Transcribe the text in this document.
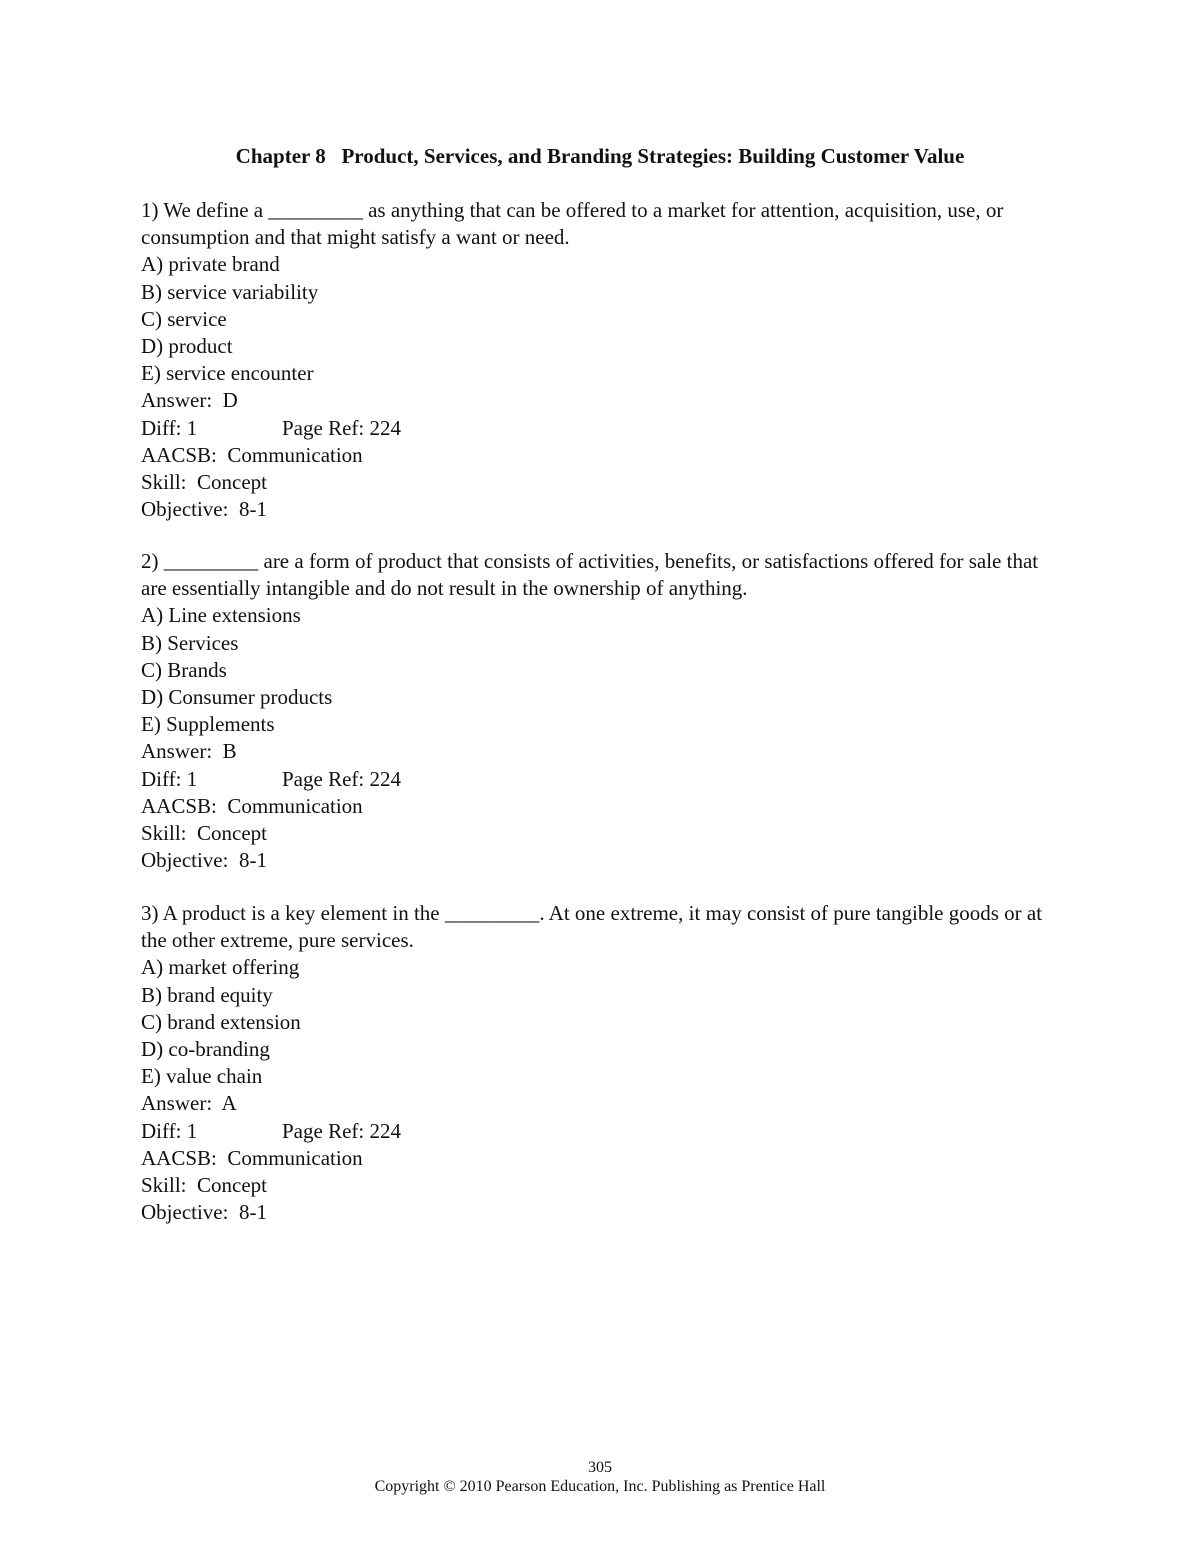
Chapter 8   Product, Services, and Branding Strategies: Building Customer Value
1) We define a _________ as anything that can be offered to a market for attention, acquisition, use, or consumption and that might satisfy a want or need.
A) private brand
B) service variability
C) service
D) product
E) service encounter
Answer:  D
Diff: 1	Page Ref: 224
AACSB:  Communication
Skill:  Concept
Objective:  8-1
2) _________ are a form of product that consists of activities, benefits, or satisfactions offered for sale that are essentially intangible and do not result in the ownership of anything.
A) Line extensions
B) Services
C) Brands
D) Consumer products
E) Supplements
Answer:  B
Diff: 1	Page Ref: 224
AACSB:  Communication
Skill:  Concept
Objective:  8-1
3) A product is a key element in the _________. At one extreme, it may consist of pure tangible goods or at the other extreme, pure services.
A) market offering
B) brand equity
C) brand extension
D) co-branding
E) value chain
Answer:  A
Diff: 1	Page Ref: 224
AACSB:  Communication
Skill:  Concept
Objective:  8-1
305
Copyright © 2010 Pearson Education, Inc. Publishing as Prentice Hall
